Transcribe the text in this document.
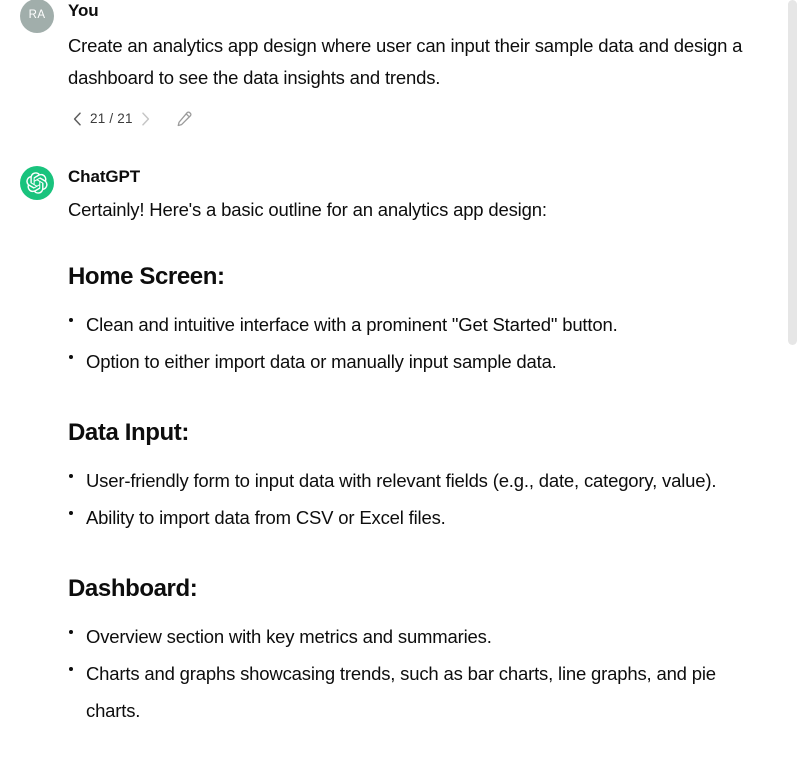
RA You

Create an analytics app design where user can input their sample data and design a dashboard to see the data insights and trends.

21 / 21
ChatGPT

Certainly! Here's a basic outline for an analytics app design:

Home Screen:
Clean and intuitive interface with a prominent "Get Started" button.
Option to either import data or manually input sample data.
Data Input:
User-friendly form to input data with relevant fields (e.g., date, category, value).
Ability to import data from CSV or Excel files.
Dashboard:
Overview section with key metrics and summaries.
Charts and graphs showcasing trends, such as bar charts, line graphs, and pie charts.
